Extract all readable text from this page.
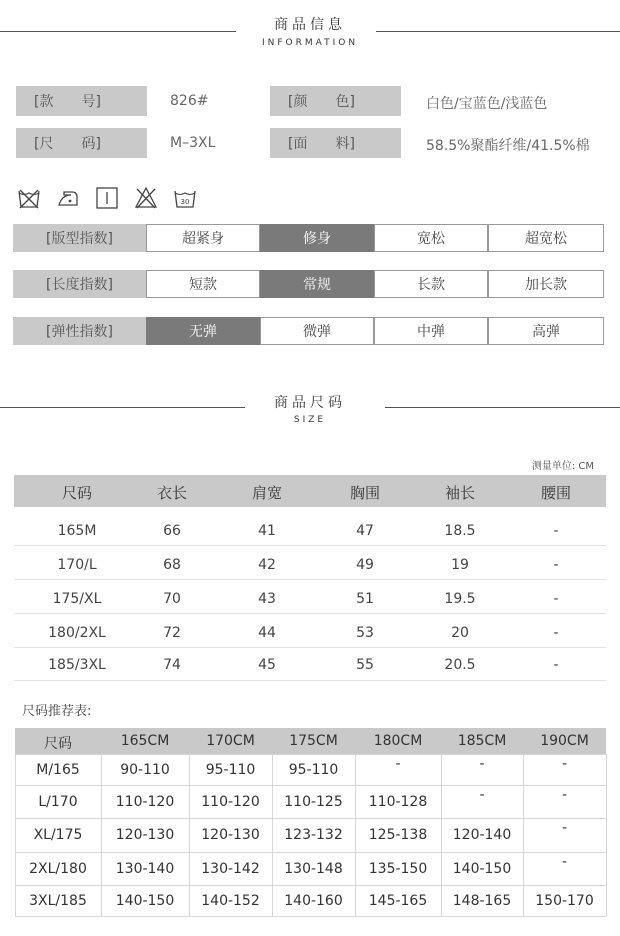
商品信息
INFORMATION
[款　　号]	826#	[颜　　色]	白色/宝蓝色/浅蓝色
[尺　　码]	M–3XL	[面　　料]	58.5%聚酯纤维/41.5%棉
30
[版型指数]	超紧身	修身	宽松	超宽松
[长度指数]	短款	常规	长款	加长款
[弹性指数]	无弹	微弹	中弹	高弹
商品尺码
SIZE
测量单位: CM
尺码	衣长	肩宽	胸围	袖长	腰围
165M	66	41	47	18.5	-
170/L	68	42	49	19	-
175/XL	70	43	51	19.5	-
180/2XL	72	44	53	20	-
185/3XL	74	45	55	20.5	-
尺码推荐表:
尺码	165CM	170CM	175CM	180CM	185CM	190CM
M/165	90-110	95-110	95-110	-	-	-
L/170	110-120	110-120	110-125	110-128	-	-
XL/175	120-130	120-130	123-132	125-138	120-140	-
2XL/180	130-140	130-142	130-148	135-150	140-150	-
3XL/185	140-150	140-152	140-160	145-165	148-165	150-170
